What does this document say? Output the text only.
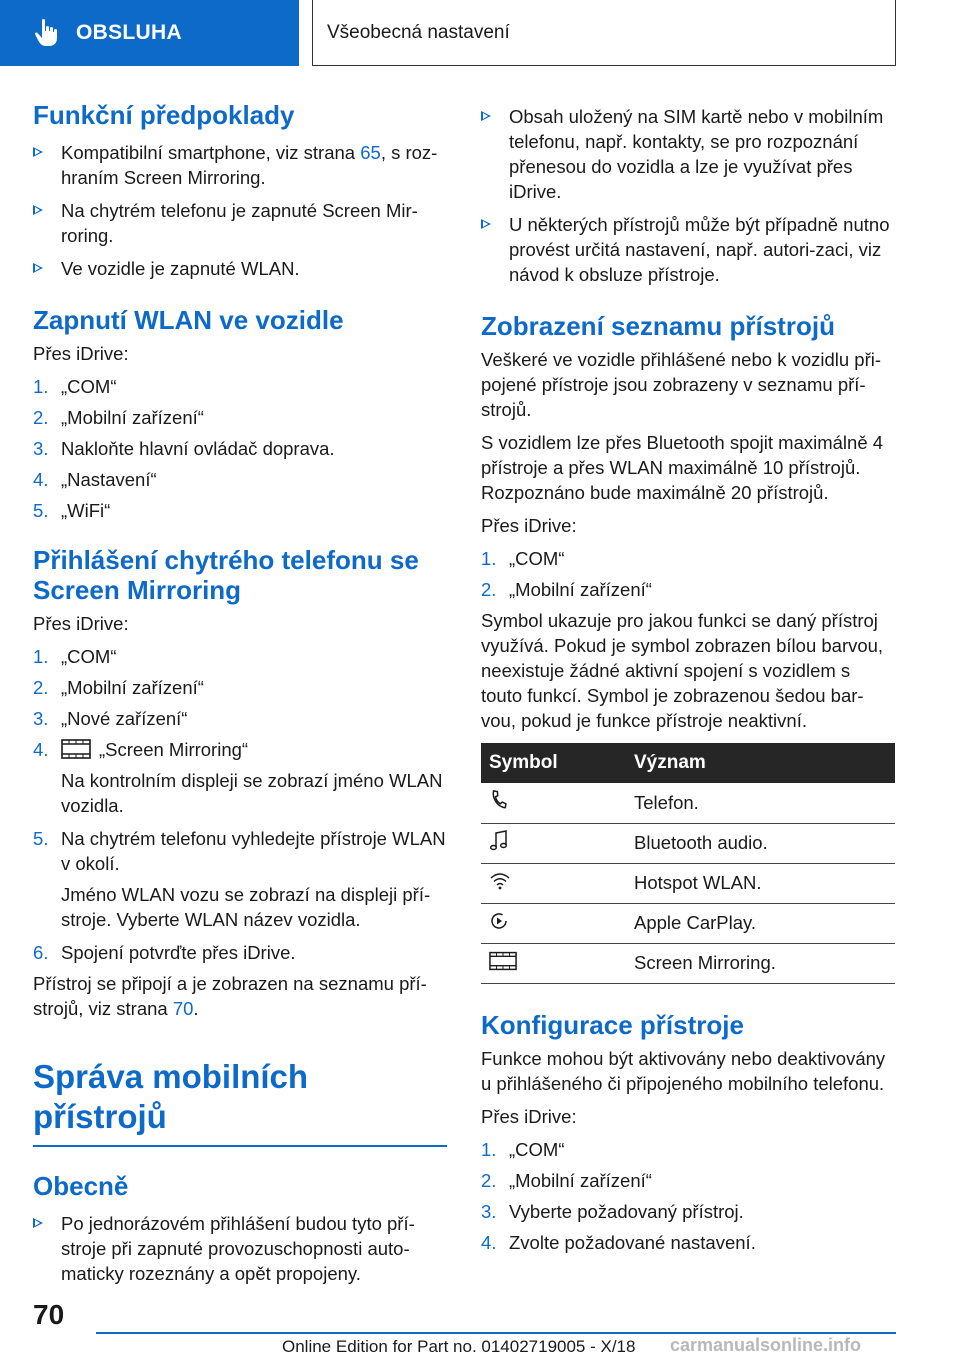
OBSLUHA	Všeobecná nastavení
Funkční předpoklady
Kompatibilní smartphone, viz strana 65, s roz-hraním Screen Mirroring.
Na chytrém telefonu je zapnuté Screen Mir-roring.
Ve vozidle je zapnuté WLAN.
Zapnutí WLAN ve vozidle

Přes iDrive:

1. „COM“
2. „Mobilní zařízení“
3. Nakloňte hlavní ovládač doprava.
4. „Nastavení“
5. „WiFi“
Přihlášení chytrého telefonu se Screen Mirroring

Přes iDrive:

1. „COM“
2. „Mobilní zařízení“
3. „Nové zařízení“
4.	„Screen Mirroring“

Na kontrolním displeji se zobrazí jméno WLAN vozidla.

5. Na chytrém telefonu vyhledejte přístroje WLAN v okolí.

Jméno WLAN vozu se zobrazí na displeji pří-stroje. Vyberte WLAN název vozidla.

6. Spojení potvrďte přes iDrive.

Přístroj se připojí a je zobrazen na seznamu pří-strojů, viz strana 70.

Správa mobilních přístrojů
Obecně
Po jednorázovém přihlášení budou tyto pří-stroje při zapnuté provozuschopnosti auto-maticky rozeznány a opět propojeny.
Obsah uložený na SIM kartě nebo v mobilním telefonu, např. kontakty, se pro rozpoznání přenesou do vozidla a lze je využívat přes iDrive.
U některých přístrojů může být případně nutno provést určitá nastavení, např. autori-zaci, viz návod k obsluze přístroje.
Zobrazení seznamu přístrojů

Veškeré ve vozidle přihlášené nebo k vozidlu při-pojené přístroje jsou zobrazeny v seznamu pří-strojů.

S vozidlem lze přes Bluetooth spojit maximálně 4 přístroje a přes WLAN maximálně 10 přístrojů. Rozpoznáno bude maximálně 20 přístrojů.

Přes iDrive:

1. „COM“
2. „Mobilní zařízení“

Symbol ukazuje pro jakou funkci se daný přístroj využívá. Pokud je symbol zobrazen bílou barvou, neexistuje žádné aktivní spojení s vozidlem s touto funkcí. Symbol je zobrazenou šedou bar-vou, pokud je funkce přístroje neaktivní.

Symbol	Význam
	Telefon.
	Bluetooth audio.
	Hotspot WLAN.
	Apple CarPlay.
	Screen Mirroring.
Konfigurace přístroje

Funkce mohou být aktivovány nebo deaktivovány u přihlášeného či připojeného mobilního telefonu.

Přes iDrive:

1. „COM“
2. „Mobilní zařízení“
3. Vyberte požadovaný přístroj.
4. Zvolte požadované nastavení.
70
Online Edition for Part no. 01402719005 - X/18 carmanualsonline.info
